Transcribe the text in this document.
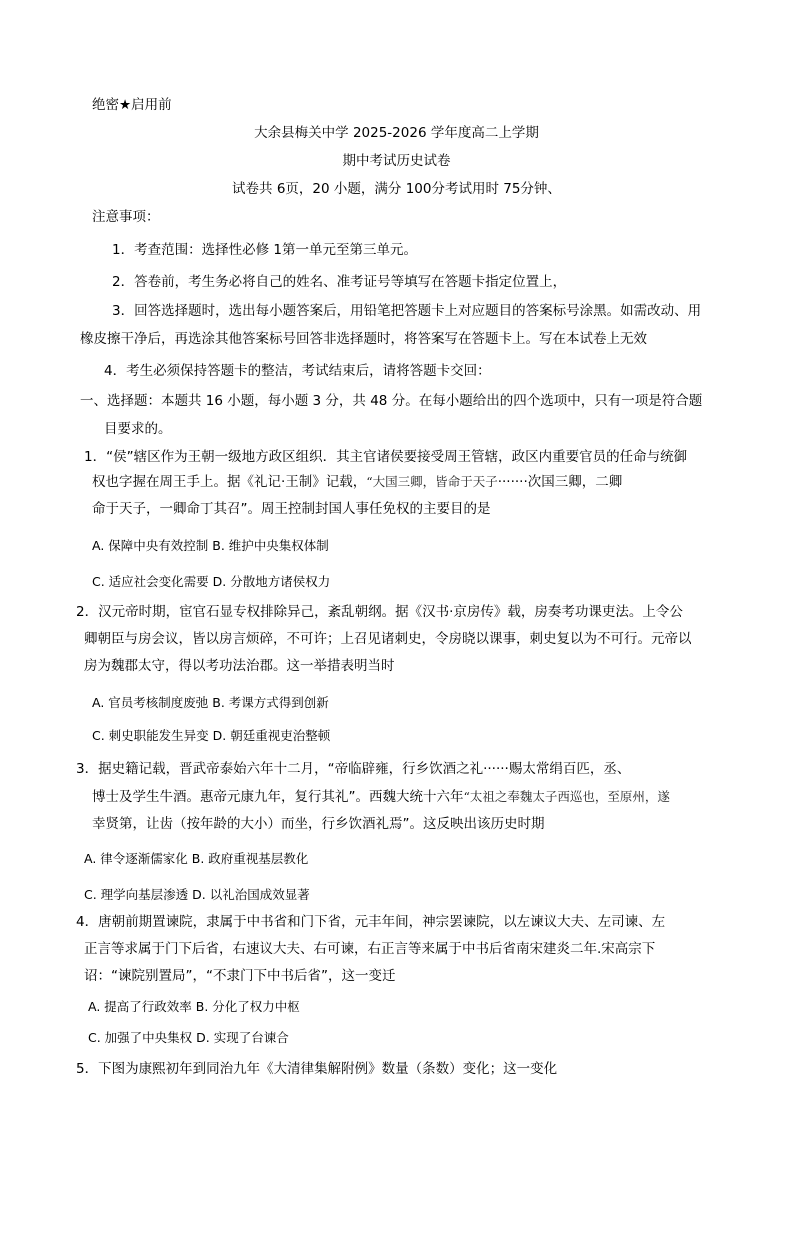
绝密★启用前
大余县梅关中学 2025-2026 学年度高二上学期
期中考试历史试卷
试卷共 6页，20 小题，满分 100分考试用时 75分钟、
注意事项：
1．考查范围：选择性必修 1第一单元至第三单元。
2．答卷前，考生务必将自己的姓名、准考证号等填写在答题卡指定位置上，
3．回答选择题时，选出每小题答案后，用铅笔把答题卡上对应题目的答案标号涂黑。如需改动、用
橡皮擦干净后，再选涂其他答案标号回答非选择题时，将答案写在答题卡上。写在本试卷上无效
4．考生必须保持答题卡的整洁，考试结束后，请将答题卡交回：
一、选择题：本题共 16 小题，每小题 3 分，共 48 分。在每小题给出的四个选项中，只有一项是符合题
目要求的。
1．“侯”辖区作为王朝一级地方政区组织．其主官诸侯要接受周王管辖，政区内重要官员的任命与统御
权也字握在周王手上。据《礼记·王制》记载，“大国三卿，皆命于天子·······次国三卿，二卿
命于天子，一卿命丁其召”。周王控制封国人事任免权的主要目的是
A. 保障中央有效控制 B. 维护中央集权体制
C. 适应社会变化需要 D. 分散地方诸侯权力
2．汉元帝时期，宦官石显专权排除异己，紊乱朝纲。据《汉书·京房传》载，房奏考功课吏法。上令公
卿朝臣与房会议，皆以房言烦碎，不可许；上召见诸刺史，令房晓以课事，刺史复以为不可行。元帝以
房为魏郡太守，得以考功法治郡。这一举措表明当时
A. 官员考核制度废弛 B. 考课方式得到创新
C. 刺史职能发生异变 D. 朝廷重视吏治整顿
3．据史籍记载，晋武帝泰始六年十二月，“帝临辟雍，行乡饮酒之礼······赐太常绢百匹，丞、
博士及学生牛酒。惠帝元康九年，复行其礼”。西魏大统十六年“太祖之奉魏太子西巡也，至原州，遂
幸贤第，让齿（按年龄的大小）而坐，行乡饮酒礼焉”。这反映出该历史时期
A. 律令逐渐儒家化 B. 政府重视基层教化
C. 理学向基层渗透 D. 以礼治国成效显著
4．唐朝前期置谏院，隶属于中书省和门下省，元丰年间，神宗罢谏院，以左谏议大夫、左司谏、左
正言等求属于门下后省，右速议大夫、右可谏，右正言等来属于中书后省南宋建炎二年.宋高宗下
诏：“谏院别置局”，“不隶门下中书后省”，这一变迁
A. 提高了行政效率 B. 分化了权力中枢
C. 加强了中央集权 D. 实现了台谏合
5．下图为康熙初年到同治九年《大清律集解附例》数量（条数）变化；这一变化
